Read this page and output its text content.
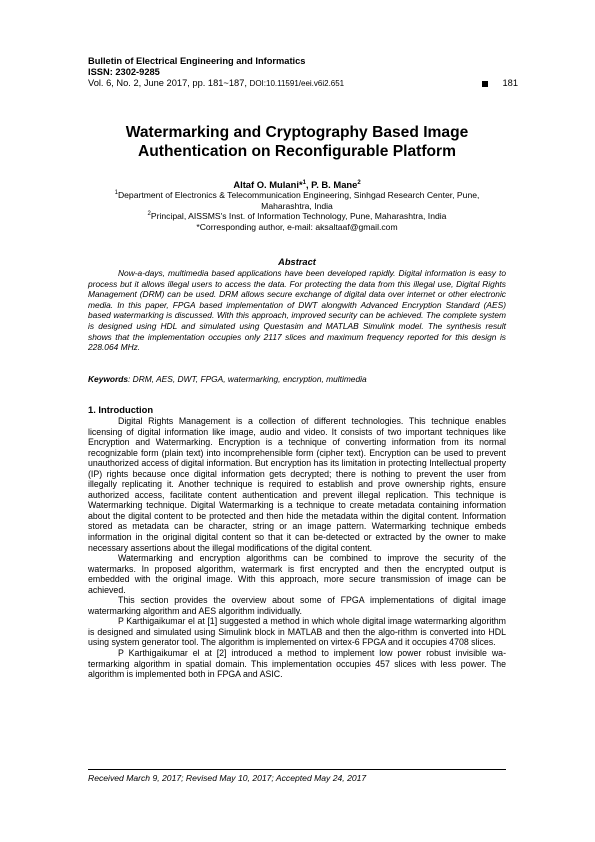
Bulletin of Electrical Engineering and Informatics
ISSN: 2302-9285
Vol. 6, No. 2, June 2017, pp. 181~187, DOI:10.11591/eei.v6i2.651	181
Watermarking and Cryptography Based Image
Authentication on Reconfigurable Platform
Altaf O. Mulani*$^1$, P. B. Mane$^2$
$^1$Department of Electronics & Telecommunication Engineering, Sinhgad Research Center, Pune,
Maharashtra, India
$^2$Principal, AISSMS's Inst. of Information Technology, Pune, Maharashtra, India
*Corresponding author, e-mail: aksaltaaf@gmail.com
Abstract

Now-a-days, multimedia based applications have been developed rapidly. Digital information is easy to process but it allows illegal users to access the data. For protecting the data from this illegal use, Digital Rights Management (DRM) can be used. DRM allows secure exchange of digital data over internet or other electronic media. In this paper, FPGA based implementation of DWT alongwith Advanced Encryption Standard (AES) based watermarking is discussed. With this approach, improved security can be achieved. The complete system is designed using HDL and simulated using Questasim and MATLAB Simulink model. The synthesis result shows that the implementation occupies only 2117 slices and maximum frequency reported for this design is 228.064 MHz.

Keywords: DRM, AES, DWT, FPGA, watermarking, encryption, multimedia
1. Introduction

Digital Rights Management is a collection of different technologies. This technique enables licensing of digital information like image, audio and video. It consists of two important techniques like Encryption and Watermarking. Encryption is a technique of converting information from its normal recognizable form (plain text) into incomprehensible form (cipher text). Encryption can be used to prevent unauthorized access of digital information. But encryption has its limitation in protecting Intellectual property (IP) rights because once digital information gets decrypted; there is nothing to prevent the user from illegally replicating it. Another technique is required to establish and prove ownership rights, ensure authorized access, facilitate content authentication and prevent illegal replication. This technique is Watermarking technique. Digital Watermarking is a technique to create metadata containing information about the digital content to be protected and then hide the metadata within the digital content. Information stored as metadata can be character, string or an image pattern. Watermarking technique embeds information in the original digital content so that it can be-detected or extracted by the owner to make necessary assertions about the illegal modifications of the digital content.

Watermarking and encryption algorithms can be combined to improve the security of the watermarks. In proposed algorithm, watermark is first encrypted and then the encrypted output is embedded with the original image. With this approach, more secure transmission of image can be achieved.

This section provides the overview about some of FPGA implementations of digital image watermarking algorithm and AES algorithm individually.

P Karthigaikumar el at [1] suggested a method in which whole digital image watermarking algorithm is designed and simulated using Simulink block in MATLAB and then the algo-rithm is converted into HDL using system generator tool. The algorithm is implemented on virtex-6 FPGA and it occupies 4708 slices.

P Karthigaikumar el at [2] introduced a method to implement low power robust invisible wa-termarking algorithm in spatial domain. This implementation occupies 457 slices with less power. The algorithm is implemented both in FPGA and ASIC.

Received March 9, 2017; Revised May 10, 2017; Accepted May 24, 2017
